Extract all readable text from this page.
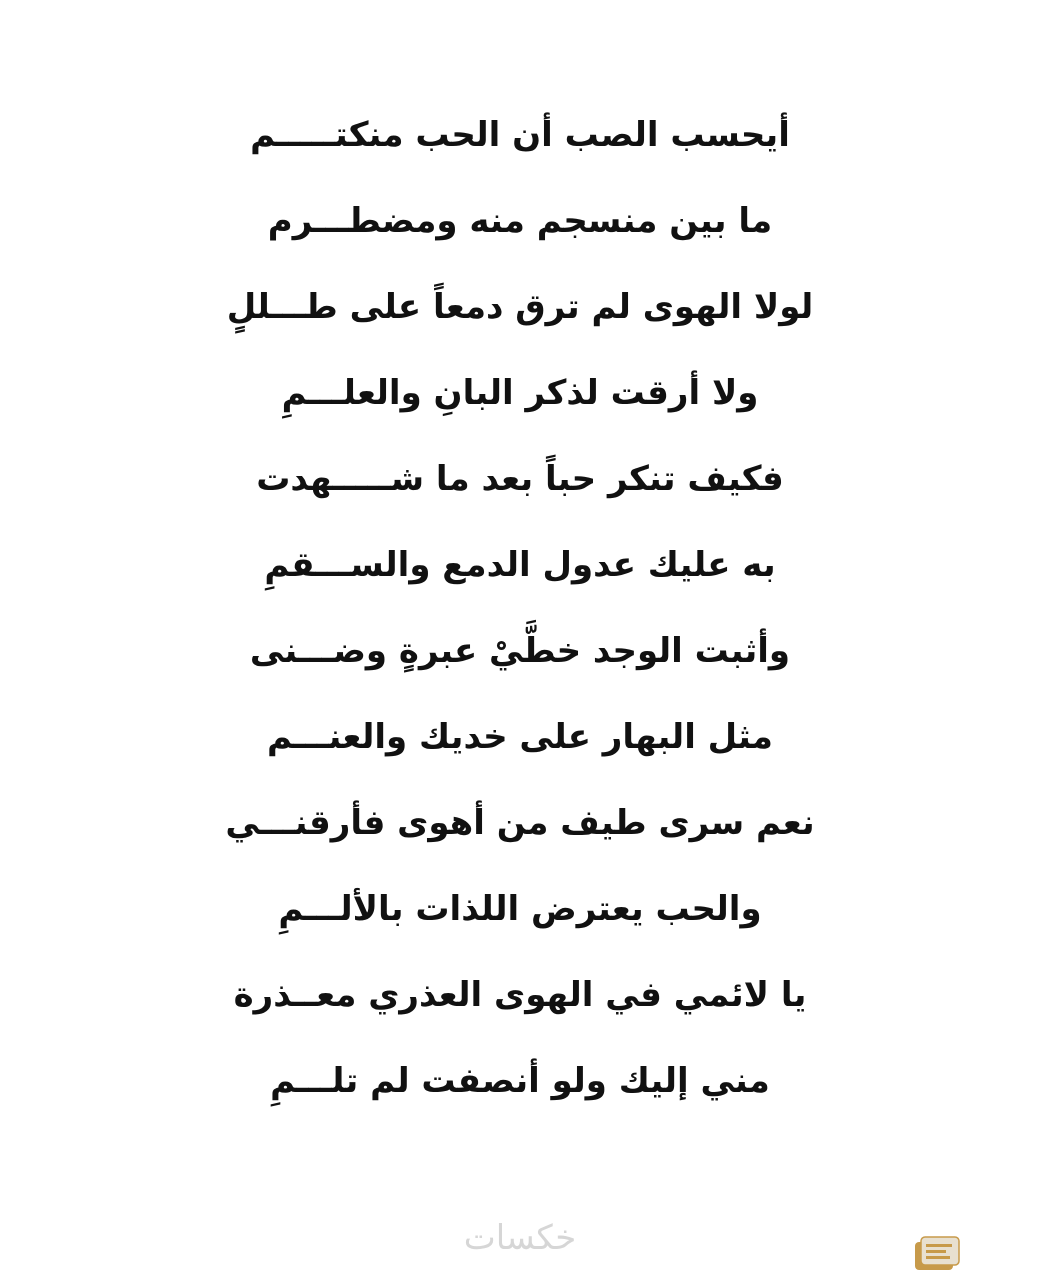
أيحسب الصب أن الحب منكتـــــم
ما بين منسجم منه ومضطـــرم
لولا الهوى لم ترق دمعاً على طـــللٍ
ولا أرقت لذكر البانِ والعلـــمِ
فكيف تنكر حباً بعد ما شـــــهدت
به عليك عدول الدمع والســـقمِ
وأثبت الوجد خطَّيْ عبرةٍ وضـــنى
مثل البهار على خديك والعنـــم
نعم سرى طيف من أهوى فأرقنـــي
والحب يعترض اللذات بالألـــمِ
يا لائمي في الهوى العذري معــذرة
مني إليك ولو أنصفت لم تلـــمِ
خكسات
